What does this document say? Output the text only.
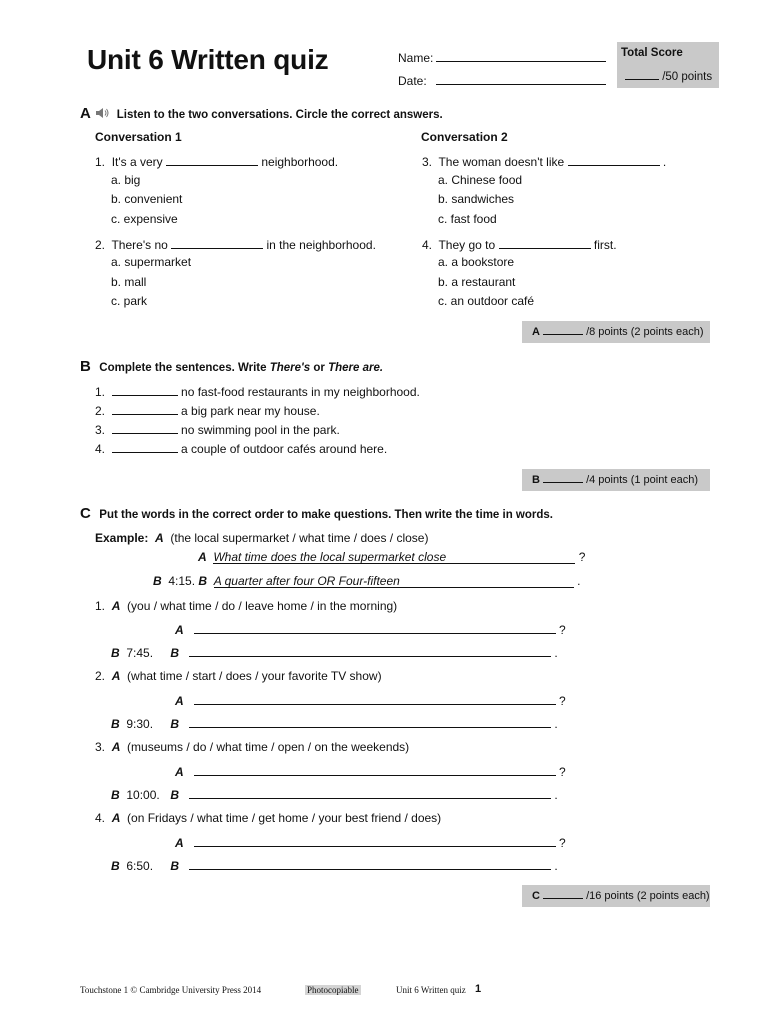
Unit 6 Written quiz	Name:
Date:
Total Score
/50 points
A Listen to the two conversations. Circle the correct answers.
Conversation 1	Conversation 2
1. It's a very	neighborhood.
a. big
b. convenient
c. expensive
2. There's no	in the neighborhood.
a. supermarket
b. mall
c. park
3. The woman doesn't like	.
a. Chinese food
b. sandwiches
c. fast food
4. They go to	first.
a. a bookstore
b. a restaurant
c. an outdoor café
A	/8 points (2 points each)
B Complete the sentences. Write There's or There are.
1.	no fast-food restaurants in my neighborhood.
2.	a big park near my house.
3.	no swimming pool in the park.
4.	a couple of outdoor cafés around here.
B	/4 points (1 point each)
C Put the words in the correct order to make questions. Then write the time in words.
Example: A (the local supermarket / what time / does / close)
A What time does the local supermarket close	?
B 4:15. B A quarter after four OR Four-fifteen	.
1. A (you / what time / do / leave home / in the morning)
A	?
B 7:45. B	.
2. A (what time / start / does / your favorite TV show)
A	?
B 9:30. B	.
3. A (museums / do / what time / open / on the weekends)
A	?
B 10:00. B	.
4. A (on Fridays / what time / get home / your best friend / does)
A	?
B 6:50. B	.
C	/16 points (2 points each)
Touchstone 1 © Cambridge University Press 2014	Photocopiable	Unit 6 Written quiz 1
